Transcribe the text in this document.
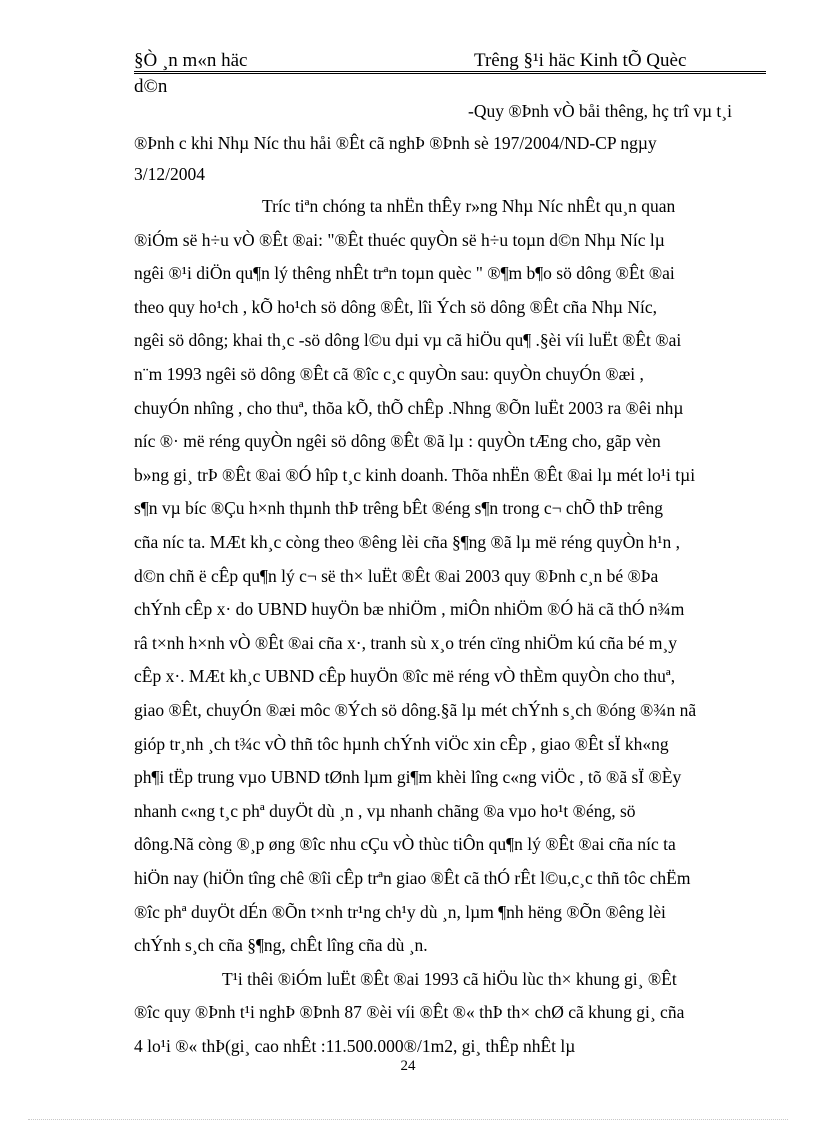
§Ò ¸n m«n häc	Trêng §¹i häc Kinh tÕ Quèc
d©n
-Quy ®Þnh vÒ båi thêng, hç trî vµ t¸i
®Þnh c khi Nhµ Níc thu håi ®Êt cã nghÞ ®Þnh sè 197/2004/ND-CP ngµy
3/12/2004
Tríc tiªn chóng ta nhËn thÊy r»ng Nhµ Níc nhÊt qu¸n quan
®iÓm së h÷u vÒ ®Êt ®ai: "®Êt thuéc quyÒn së h÷u toµn d©n Nhµ Níc lµ
ngêi ®¹i diÖn qu¶n lý thêng nhÊt trªn toµn quèc " ®¶m b¶o sö dông ®Êt ®ai
theo quy ho¹ch , kÕ ho¹ch sö dông ®Êt, lîi Ých sö dông ®Êt cña Nhµ Níc,
ngêi sö dông; khai th¸c -sö dông l©u dµi vµ cã hiÖu qu¶ .§èi víi luËt ®Êt ®ai
n¨m 1993 ngêi sö dông ®Êt cã ®îc c¸c quyÒn sau: quyÒn chuyÓn ®æi ,
chuyÓn nhîng , cho thuª, thõa kÕ, thÕ chÊp .Nhng ®Õn luËt 2003 ra ®êi nhµ
níc ®· më réng quyÒn ngêi sö dông ®Êt ®ã lµ : quyÒn tÆng cho, gãp vèn
b»ng gi¸ trÞ ®Êt ®ai ®Ó hîp t¸c kinh doanh. Thõa nhËn ®Êt ®ai lµ mét lo¹i tµi
s¶n vµ bíc ®Çu h×nh thµnh thÞ trêng bÊt ®éng s¶n trong c¬ chÕ thÞ trêng
cña níc ta. MÆt kh¸c còng theo ®êng lèi cña §¶ng ®ã lµ më réng quyÒn h¹n ,
d©n chñ ë cÊp qu¶n lý c¬ së th× luËt ®Êt ®ai 2003 quy ®Þnh c¸n bé ®Þa
chÝnh cÊp x· do UBND huyÖn bæ nhiÖm , miÔn nhiÖm ®Ó hä cã thÓ n¾m
râ t×nh h×nh vÒ ®Êt ®ai cña x·, tranh sù x¸o trén cïng nhiÖm kú cña bé m¸y
cÊp x·. MÆt kh¸c UBND cÊp huyÖn ®îc më réng vÒ thÈm quyÒn cho thuª,
giao ®Êt, chuyÓn ®æi môc ®Ých sö dông.§ã lµ mét chÝnh s¸ch ®óng ®¾n nã
gióp tr¸nh ¸ch t¾c vÒ thñ tôc hµnh chÝnh viÖc xin cÊp , giao ®Êt sÏ kh«ng
ph¶i tËp trung vµo UBND tØnh lµm gi¶m khèi lîng c«ng viÖc , tõ ®ã sÏ ®Èy
nhanh c«ng t¸c phª duyÖt dù ¸n , vµ nhanh chãng ®a vµo ho¹t ®éng, sö
dông.Nã còng ®¸p øng ®îc nhu cÇu vÒ thùc tiÔn qu¶n lý ®Êt ®ai cña níc ta
hiÖn nay (hiÖn tîng chê ®îi cÊp trªn giao ®Êt cã thÓ rÊt l©u,c¸c thñ tôc chËm
®îc phª duyÖt dÉn ®Õn t×nh tr¹ng ch¹y dù ¸n, lµm ¶nh hëng ®Õn ®êng lèi
chÝnh s¸ch cña §¶ng, chÊt lîng cña dù ¸n.
T¹i thêi ®iÓm luËt ®Êt ®ai 1993 cã hiÖu lùc th× khung gi¸ ®Êt
®îc quy ®Þnh t¹i nghÞ ®Þnh 87 ®èi víi ®Êt ®« thÞ th× chØ cã khung gi¸ cña
4 lo¹i ®« thÞ(gi¸ cao nhÊt :11.500.000®/1m2, gi¸ thÊp nhÊt lµ
24
